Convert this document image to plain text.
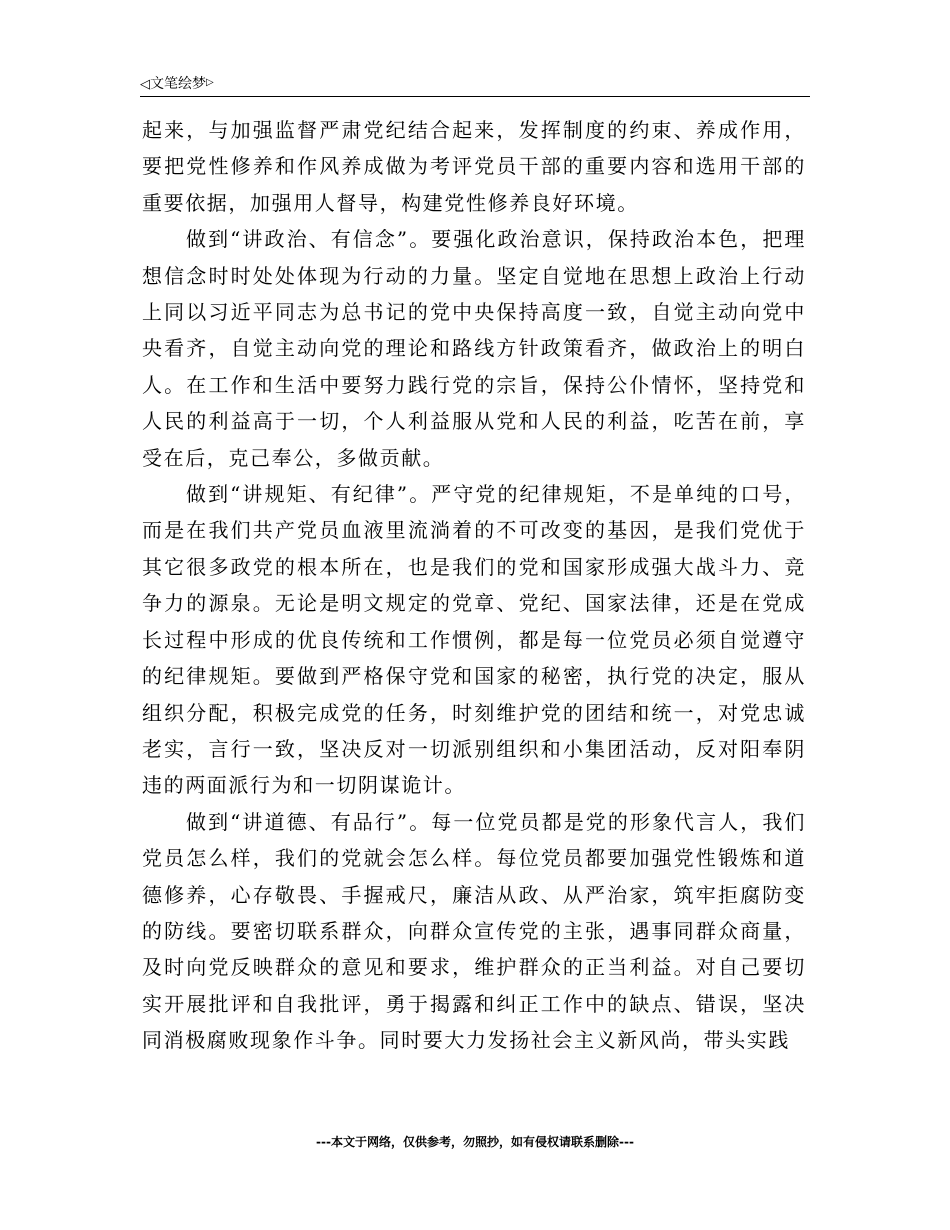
◁文笔绘梦▷

起来，与加强监督严肃党纪结合起来，发挥制度的约束、养成作用，要把党性修养和作风养成做为考评党员干部的重要内容和选用干部的重要依据，加强用人督导，构建党性修养良好环境。

做到“讲政治、有信念”。要强化政治意识，保持政治本色，把理想信念时时处处体现为行动的力量。坚定自觉地在思想上政治上行动上同以习近平同志为总书记的党中央保持高度一致，自觉主动向党中央看齐，自觉主动向党的理论和路线方针政策看齐，做政治上的明白人。在工作和生活中要努力践行党的宗旨，保持公仆情怀，坚持党和人民的利益高于一切，个人利益服从党和人民的利益，吃苦在前，享受在后，克己奉公，多做贡献。

做到“讲规矩、有纪律”。严守党的纪律规矩，不是单纯的口号，而是在我们共产党员血液里流淌着的不可改变的基因，是我们党优于其它很多政党的根本所在，也是我们的党和国家形成强大战斗力、竞争力的源泉。无论是明文规定的党章、党纪、国家法律，还是在党成长过程中形成的优良传统和工作惯例，都是每一位党员必须自觉遵守的纪律规矩。要做到严格保守党和国家的秘密，执行党的决定，服从组织分配，积极完成党的任务，时刻维护党的团结和统一，对党忠诚老实，言行一致，坚决反对一切派别组织和小集团活动，反对阳奉阴违的两面派行为和一切阴谋诡计。

做到“讲道德、有品行”。每一位党员都是党的形象代言人，我们党员怎么样，我们的党就会怎么样。每位党员都要加强党性锻炼和道德修养，心存敬畏、手握戒尺，廉洁从政、从严治家，筑牢拒腐防变的防线。要密切联系群众，向群众宣传党的主张，遇事同群众商量，及时向党反映群众的意见和要求，维护群众的正当利益。对自己要切实开展批评和自我批评，勇于揭露和纠正工作中的缺点、错误，坚决同消极腐败现象作斗争。同时要大力发扬社会主义新风尚，带头实践

---本文于网络，仅供参考，勿照抄，如有侵权请联系删除---
